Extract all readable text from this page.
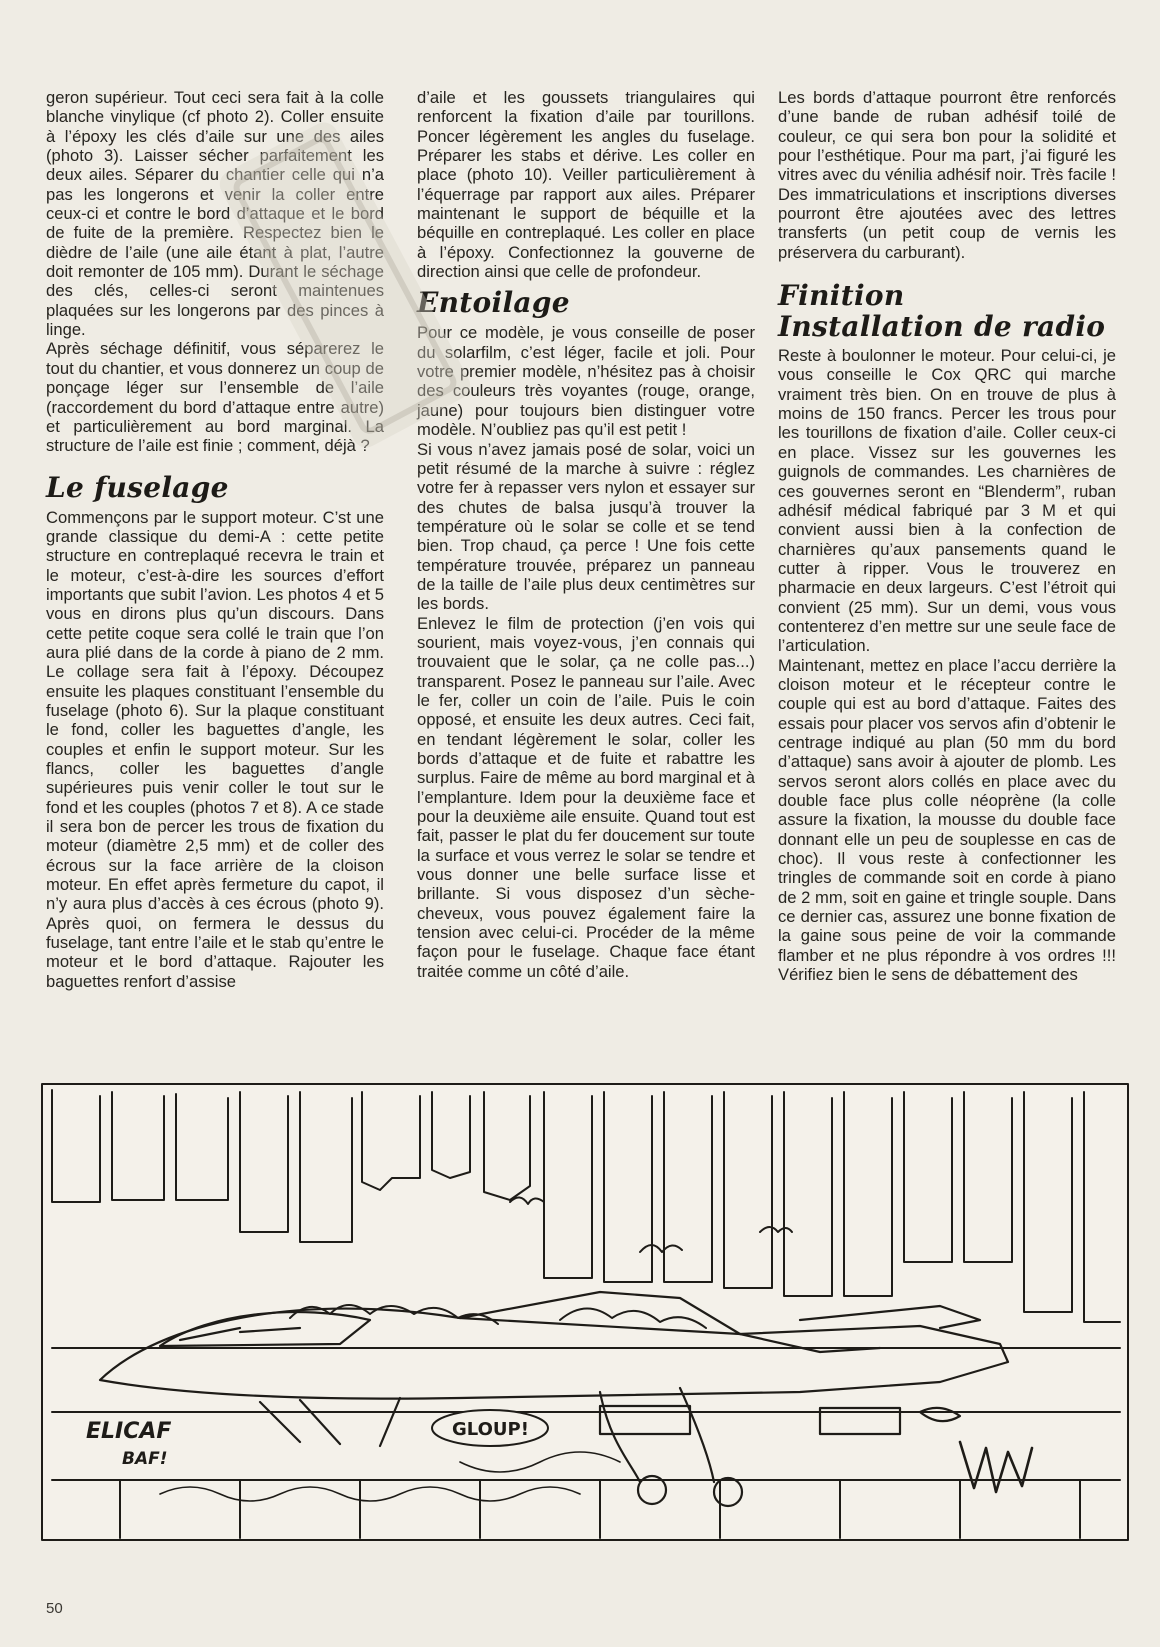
geron supérieur. Tout ceci sera fait à la colle blanche vinylique (cf photo 2). Coller ensuite à l’époxy les clés d’aile sur une des ailes (photo 3). Laisser sécher parfaitement les deux ailes. Séparer du chantier celle qui n’a pas les longerons et venir la coller entre ceux-ci et contre le bord d’attaque et le bord de fuite de la première. Respectez bien le dièdre de l’aile (une aile étant à plat, l’autre doit remonter de 105 mm). Durant le séchage des clés, celles-ci seront maintenues plaquées sur les longerons par des pinces à linge.

Après séchage définitif, vous séparerez le tout du chantier, et vous donnerez un coup de ponçage léger sur l’ensemble de l’aile (raccordement du bord d’attaque entre autre) et particulièrement au bord marginal. La structure de l’aile est finie ; comment, déjà ?

Le fuselage

Commençons par le support moteur. C’st une grande classique du demi-A : cette petite structure en contreplaqué recevra le train et le moteur, c’est-à-dire les sources d’effort importants que subit l’avion. Les photos 4 et 5 vous en dirons plus qu’un discours. Dans cette petite coque sera collé le train que l’on aura plié dans de la corde à piano de 2 mm. Le collage sera fait à l’époxy. Découpez ensuite les plaques constituant l’ensemble du fuselage (photo 6). Sur la plaque constituant le fond, coller les baguettes d’angle, les couples et enfin le support moteur. Sur les flancs, coller les baguettes d’angle supérieures puis venir coller le tout sur le fond et les couples (photos 7 et 8). A ce stade il sera bon de percer les trous de fixation du moteur (diamètre 2,5 mm) et de coller des écrous sur la face arrière de la cloison moteur. En effet après fermeture du capot, il n’y aura plus d’accès à ces écrous (photo 9). Après quoi, on fermera le dessus du fuselage, tant entre l’aile et le stab qu’entre le moteur et le bord d’attaque. Rajouter les baguettes renfort d’assise

d’aile et les goussets triangulaires qui renforcent la fixation d’aile par tourillons. Poncer légèrement les angles du fuselage. Préparer les stabs et dérive. Les coller en place (photo 10). Veiller particulièrement à l’équerrage par rapport aux ailes. Préparer maintenant le support de béquille et la béquille en contreplaqué. Les coller en place à l’époxy. Confectionnez la gouverne de direction ainsi que celle de profondeur.

Entoilage

Pour ce modèle, je vous conseille de poser du solarfilm, c’est léger, facile et joli. Pour votre premier modèle, n’hésitez pas à choisir des couleurs très voyantes (rouge, orange, jaune) pour toujours bien distinguer votre modèle. N’oubliez pas qu’il est petit !

Si vous n’avez jamais posé de solar, voici un petit résumé de la marche à suivre : réglez votre fer à repasser vers nylon et essayer sur des chutes de balsa jusqu’à trouver la température où le solar se colle et se tend bien. Trop chaud, ça perce ! Une fois cette température trouvée, préparez un panneau de la taille de l’aile plus deux centimètres sur les bords.

Enlevez le film de protection (j’en vois qui sourient, mais voyez-vous, j’en connais qui trouvaient que le solar, ça ne colle pas...) transparent. Posez le panneau sur l’aile. Avec le fer, coller un coin de l’aile. Puis le coin opposé, et ensuite les deux autres. Ceci fait, en tendant légèrement le solar, coller les bords d’attaque et de fuite et rabattre les surplus. Faire de même au bord marginal et à l’emplanture. Idem pour la deuxième face et pour la deuxième aile ensuite. Quand tout est fait, passer le plat du fer doucement sur toute la surface et vous verrez le solar se tendre et vous donner une belle surface lisse et brillante. Si vous disposez d’un sèche-cheveux, vous pouvez également faire la tension avec celui-ci. Procéder de la même façon pour le fuselage. Chaque face étant traitée comme un côté d’aile.

Les bords d’attaque pourront être renforcés d’une bande de ruban adhésif toilé de couleur, ce qui sera bon pour la solidité et pour l’esthétique. Pour ma part, j’ai figuré les vitres avec du vénilia adhésif noir. Très facile ! Des immatriculations et inscriptions diverses pourront être ajoutées avec des lettres transferts (un petit coup de vernis les préservera du carburant).

Finition
Installation de radio

Reste à boulonner le moteur. Pour celui-ci, je vous conseille le Cox QRC qui marche vraiment très bien. On en trouve de plus à moins de 150 francs. Percer les trous pour les tourillons de fixation d’aile. Coller ceux-ci en place. Vissez sur les gouvernes les guignols de commandes. Les charnières de ces gouvernes seront en “Blenderm”, ruban adhésif médical fabriqué par 3 M et qui convient aussi bien à la confection de charnières qu’aux pansements quand le cutter à ripper. Vous le trouverez en pharmacie en deux largeurs. C’est l’étroit qui convient (25 mm). Sur un demi, vous vous contenterez d’en mettre sur une seule face de l’articulation.

Maintenant, mettez en place l’accu derrière la cloison moteur et le récepteur contre le couple qui est au bord d’attaque. Faites des essais pour placer vos servos afin d’obtenir le centrage indiqué au plan (50 mm du bord d’attaque) sans avoir à ajouter de plomb. Les servos seront alors collés en place avec du double face plus colle néoprène (la colle assure la fixation, la mousse du double face donnant elle un peu de souplesse en cas de choc). Il vous reste à confectionner les tringles de commande soit en corde à piano de 2 mm, soit en gaine et tringle souple. Dans ce dernier cas, assurez une bonne fixation de la gaine sous peine de voir la commande flamber et ne plus répondre à vos ordres !!! Vérifiez bien le sens de débattement des

ELICAF
BAF!
GLOUP!
50
